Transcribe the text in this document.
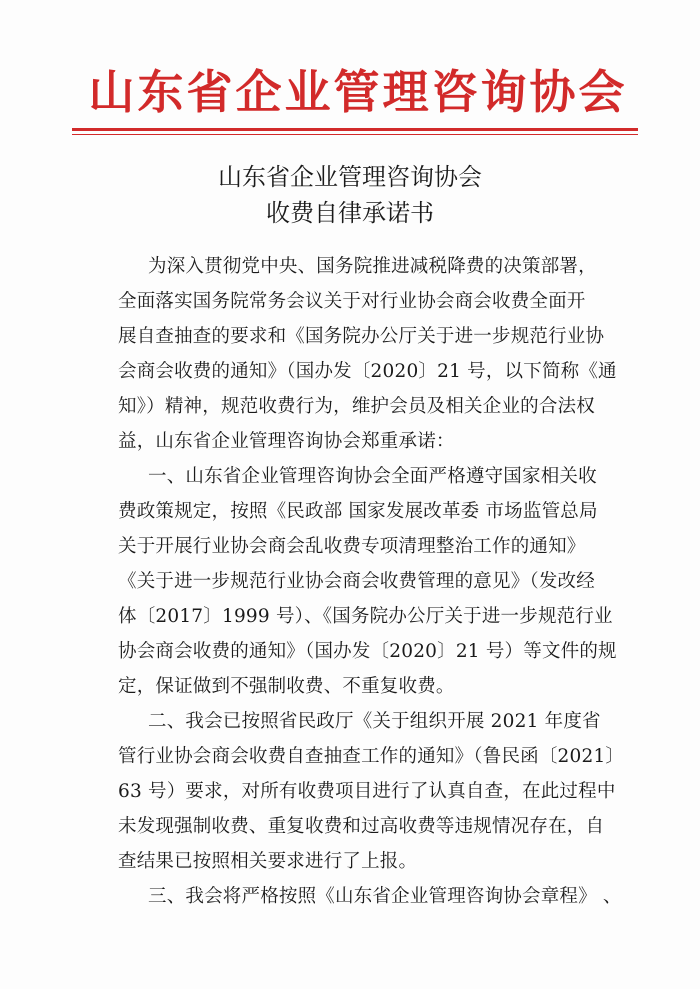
山东省企业管理咨询协会
山东省企业管理咨询协会
收费自律承诺书
为深入贯彻党中央、国务院推进减税降费的决策部署，
全面落实国务院常务会议关于对行业协会商会收费全面开
展自查抽查的要求和《国务院办公厅关于进一步规范行业协
会商会收费的通知》（国办发〔2020〕21 号，以下简称《通
知》）精神，规范收费行为，维护会员及相关企业的合法权
益，山东省企业管理咨询协会郑重承诺：
一、山东省企业管理咨询协会全面严格遵守国家相关收
费政策规定，按照《民政部 国家发展改革委 市场监管总局
关于开展行业协会商会乱收费专项清理整治工作的通知》
《关于进一步规范行业协会商会收费管理的意见》（发改经
体〔2017〕1999 号）、《国务院办公厅关于进一步规范行业
协会商会收费的通知》（国办发〔2020〕21 号）等文件的规
定，保证做到不强制收费、不重复收费。
二、我会已按照省民政厅《关于组织开展 2021 年度省
管行业协会商会收费自查抽查工作的通知》（鲁民函〔2021〕
63 号）要求，对所有收费项目进行了认真自查，在此过程中
未发现强制收费、重复收费和过高收费等违规情况存在，自
查结果已按照相关要求进行了上报。
三、我会将严格按照《山东省企业管理咨询协会章程》 、
